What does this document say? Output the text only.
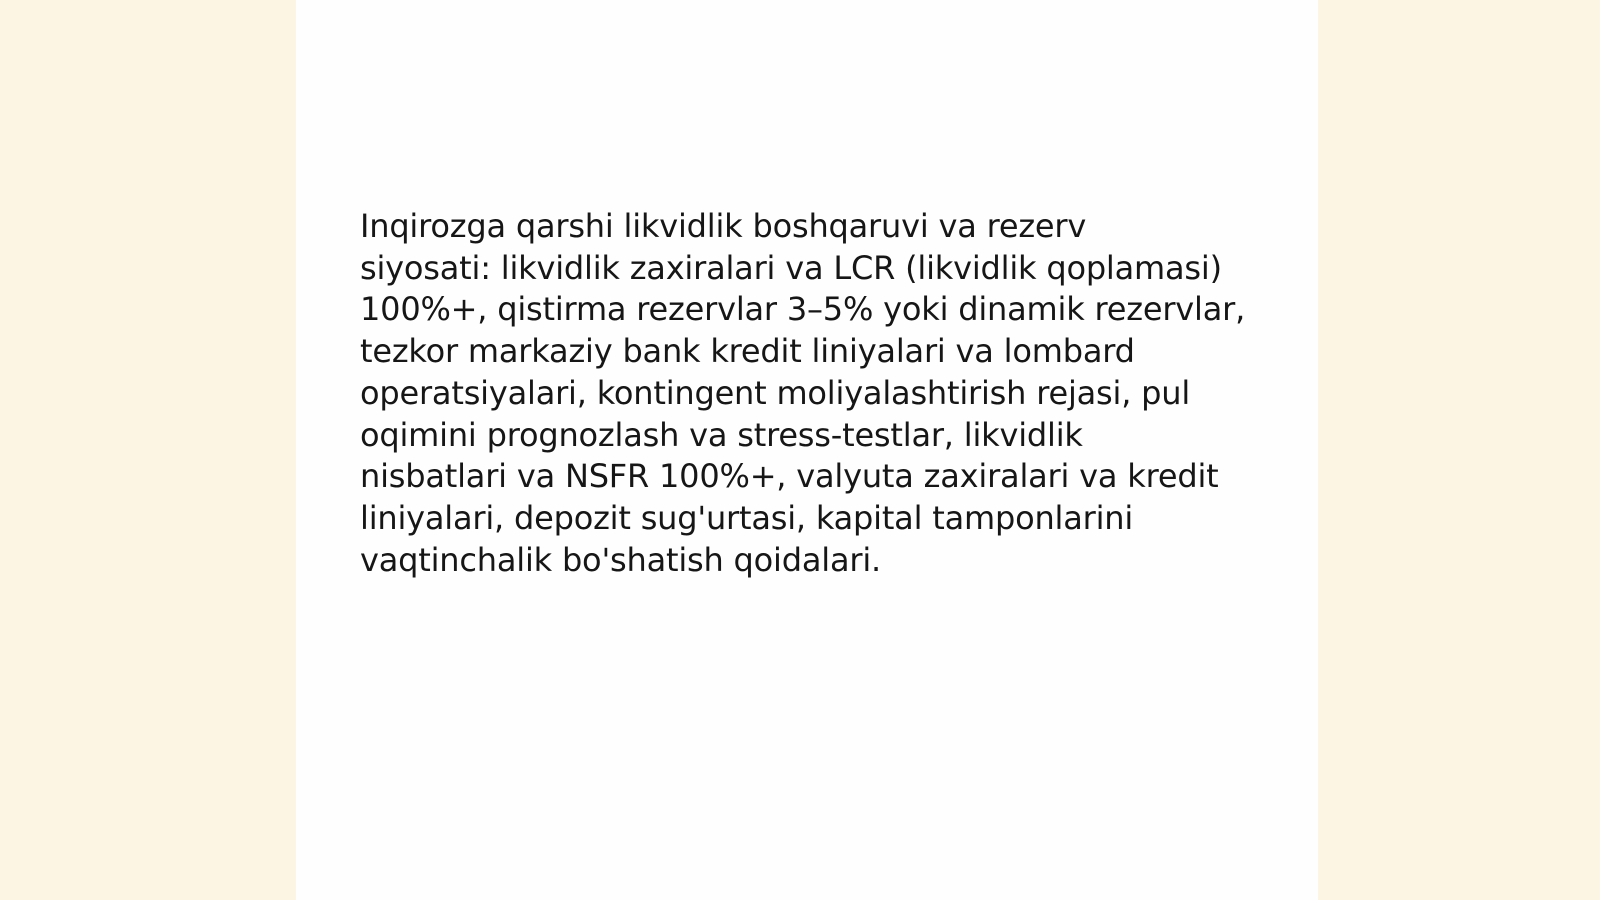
Inqirozga qarshi likvidlik boshqaruvi va rezerv
siyosati: likvidlik zaxiralari va LCR (likvidlik qoplamasi)
100%+, qistirma rezervlar 3–5% yoki dinamik rezervlar,
tezkor markaziy bank kredit liniyalari va lombard
operatsiyalari, kontingent moliyalashtirish rejasi, pul
oqimini prognozlash va stress-testlar, likvidlik
nisbatlari va NSFR 100%+, valyuta zaxiralari va kredit
liniyalari, depozit sug'urtasi, kapital tamponlarini
vaqtinchalik bo'shatish qoidalari.
